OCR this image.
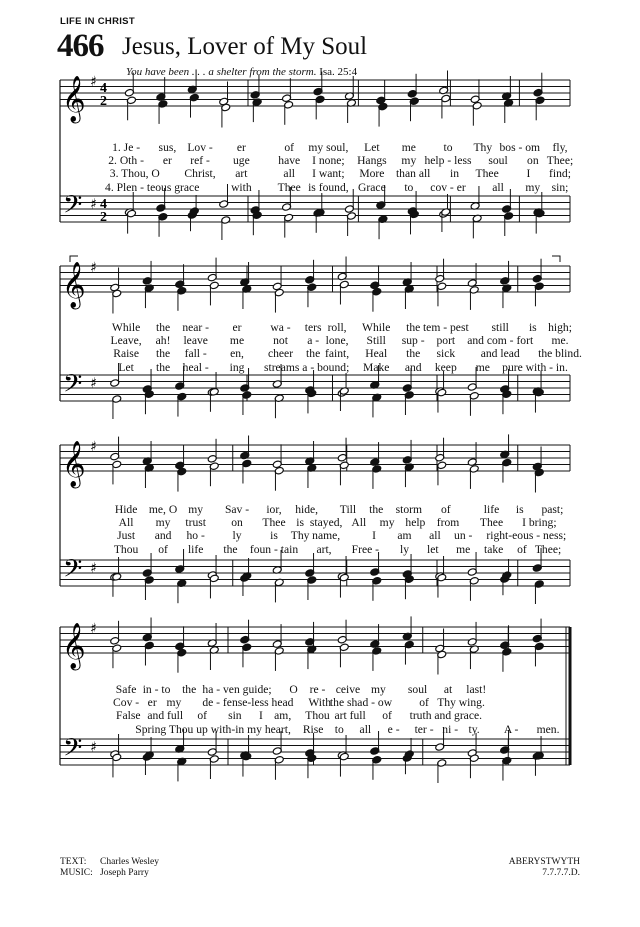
LIFE IN CHRIST
466 Jesus, Lover of My Soul
You have been . . . a shelter from the storm. Isa. 25:4
𝄞
𝄢
♯
♯
4
2
4
2
1. Je - sus, Lov - er	of my soul, Let me to Thy bos - om fly,
2. Oth - er ref - uge have I none; Hangs my help - less soul on Thee;
3. Thou, O Christ, art	all I want; More than all in Thee I find;
4. Plen - teous grace	with Thee is found, Grace to cov - er all my sin;
𝄞
𝄢
♯
♯
While the near - er wa - ters roll, While the tem - pest still is high;
Leave, ah! leave me	not a - lone, Still sup - port and com - fort me.
Raise the fall - en, cheer the faint, Heal the sick and lead the blind.
Let the heal - ing streams a - bound; Make and keep me pure with - in.
𝄞
𝄢
♯
♯
Hide me, O my Sav - ior, hide, Till the storm of	life is past;
All my trust on Thee is stayed, All my help from Thee I bring;
Just and ho - ly is Thy name,	I am all un - right-eous - ness;
Thou of life the foun - tain art, Free - ly let me take of Thee;
𝄞
𝄢
♯
♯
Safe in - to the ha - ven guide; O re - ceive my soul at last!
Cov - er my de - fense-less head With
the shad - ow of Thy wing.
False and full of sin I am, Thou art full of truth and grace.
Spring Thou up with-in my heart, Rise to all e - ter - ni - ty. A - men.
TEXT: Charles Wesley
MUSIC: Joseph Parry
ABERYSTWYTH
7.7.7.7.D.
